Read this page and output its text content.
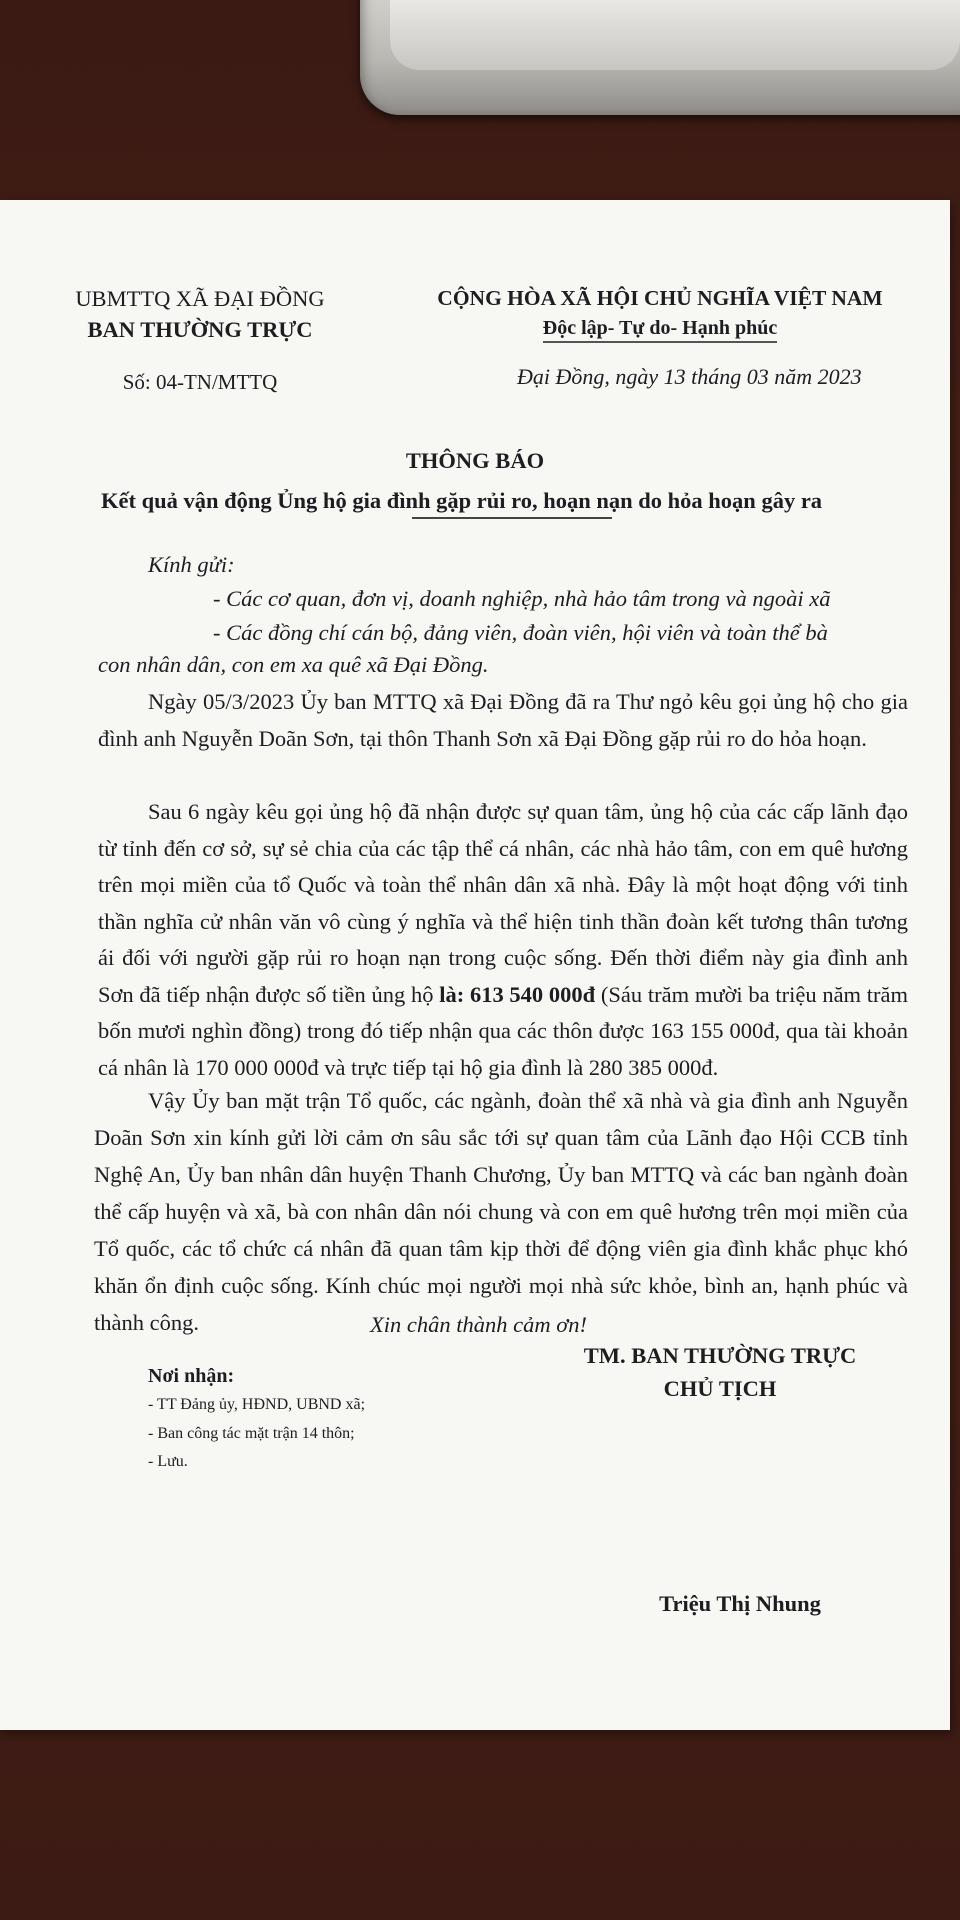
UBMTTQ XÃ ĐẠI ĐỒNG
BAN THƯỜNG TRỰC
Số: 04-TN/MTTQ
CỘNG HÒA XÃ HỘI CHỦ NGHĨA VIỆT NAM
Độc lập- Tự do- Hạnh phúc
Đại Đồng, ngày 13 tháng 03 năm 2023
THÔNG BÁO
Kết quả vận động Ủng hộ gia đình gặp rủi ro, hoạn nạn do hỏa hoạn gây ra
Kính gửi:
- Các cơ quan, đơn vị, doanh nghiệp, nhà hảo tâm trong và ngoài xã
- Các đồng chí cán bộ, đảng viên, đoàn viên, hội viên và toàn thể bà
con nhân dân, con em xa quê xã Đại Đồng.

Ngày 05/3/2023 Ủy ban MTTQ xã Đại Đồng đã ra Thư ngỏ kêu gọi ủng hộ cho gia đình anh Nguyễn Doãn Sơn, tại thôn Thanh Sơn xã Đại Đồng gặp rủi ro do hỏa hoạn.

Sau 6 ngày kêu gọi ủng hộ đã nhận được sự quan tâm, ủng hộ của các cấp lãnh đạo từ tỉnh đến cơ sở, sự sẻ chia của các tập thể cá nhân, các nhà hảo tâm, con em quê hương trên mọi miền của tổ Quốc và toàn thể nhân dân xã nhà. Đây là một hoạt động với tinh thần nghĩa cử nhân văn vô cùng ý nghĩa và thể hiện tinh thần đoàn kết tương thân tương ái đối với người gặp rủi ro hoạn nạn trong cuộc sống. Đến thời điểm này gia đình anh Sơn đã tiếp nhận được số tiền ủng hộ là: 613 540 000đ (Sáu trăm mười ba triệu năm trăm bốn mươi nghìn đồng) trong đó tiếp nhận qua các thôn được 163 155 000đ, qua tài khoản cá nhân là 170 000 000đ và trực tiếp tại hộ gia đình là 280 385 000đ.

Vậy Ủy ban mặt trận Tổ quốc, các ngành, đoàn thể xã nhà và gia đình anh Nguyễn Doãn Sơn xin kính gửi lời cảm ơn sâu sắc tới sự quan tâm của Lãnh đạo Hội CCB tỉnh Nghệ An, Ủy ban nhân dân huyện Thanh Chương, Ủy ban MTTQ và các ban ngành đoàn thể cấp huyện và xã, bà con nhân dân nói chung và con em quê hương trên mọi miền của Tổ quốc, các tổ chức cá nhân đã quan tâm kịp thời để động viên gia đình khắc phục khó khăn ổn định cuộc sống. Kính chúc mọi người mọi nhà sức khỏe, bình an, hạnh phúc và thành công.	Xin chân thành cảm ơn!
Nơi nhận:
- TT Đảng ủy, HĐND, UBND xã;
- Ban công tác mặt trận 14 thôn;
- Lưu.
TM. BAN THƯỜNG TRỰC
CHỦ TỊCH
Triệu Thị Nhung
